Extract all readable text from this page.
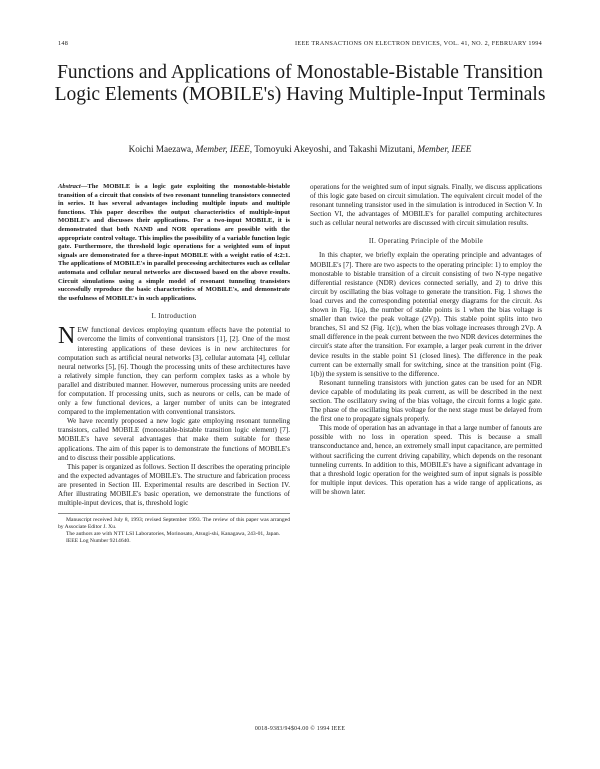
148	IEEE TRANSACTIONS ON ELECTRON DEVICES, VOL. 41, NO. 2, FEBRUARY 1994
Functions and Applications of Monostable-Bistable Transition Logic Elements (MOBILE's) Having Multiple-Input Terminals
Koichi Maezawa, Member, IEEE, Tomoyuki Akeyoshi, and Takashi Mizutani, Member, IEEE
Abstract—The MOBILE is a logic gate exploiting the monostable-bistable transition of a circuit that consists of two resonant tunneling transistors connected in series. It has several advantages including multiple inputs and multiple functions. This paper describes the output characteristics of multiple-input MOBILE's and discusses their applications. For a two-input MOBILE, it is demonstrated that both NAND and NOR operations are possible with the appropriate control voltage. This implies the possibility of a variable function logic gate. Furthermore, the threshold logic operations for a weighted sum of input signals are demonstrated for a three-input MOBILE with a weight ratio of 4:2:1. The applications of MOBILE's in parallel processing architectures such as cellular automata and cellular neural networks are discussed based on the above results. Circuit simulations using a simple model of resonant tunneling transistors successfully reproduce the basic characteristics of MOBILE's, and demonstrate the usefulness of MOBILE's in such applications.
I. Introduction

NEW functional devices employing quantum effects have the potential to overcome the limits of conventional transistors [1], [2]. One of the most interesting applications of these devices is in new architectures for computation such as artificial neural networks [3], cellular automata [4], cellular neural networks [5], [6]. Though the processing units of these architectures have a relatively simple function, they can perform complex tasks as a whole by parallel and distributed manner. However, numerous processing units are needed for computation. If processing units, such as neurons or cells, can be made of only a few functional devices, a larger number of units can be integrated compared to the implementation with conventional transistors.

We have recently proposed a new logic gate employing resonant tunneling transistors, called MOBILE (monostable-bistable transition logic element) [7]. MOBILE's have several advantages that make them suitable for these applications. The aim of this paper is to demonstrate the functions of MOBILE's and to discuss their possible applications.

This paper is organized as follows. Section II describes the operating principle and the expected advantages of MOBILE's. The structure and fabrication process are presented in Section III. Experimental results are described in Section IV. After illustrating MOBILE's basic operation, we demonstrate the functions of multiple-input devices, that is, threshold logic

Manuscript received July 8, 1993; revised September 1993. The review of this paper was arranged by Associate Editor J. Xu.

The authors are with NTT LSI Laboratories, Morinosato, Atsugi-shi, Kanagawa, 243-01, Japan.

IEEE Log Number 9214640.

operations for the weighted sum of input signals. Finally, we discuss applications of this logic gate based on circuit simulation. The equivalent circuit model of the resonant tunneling transistor used in the simulation is introduced in Section V. In Section VI, the advantages of MOBILE's for parallel computing architectures such as cellular neural networks are discussed with circuit simulation results.

II. Operating Principle of the Mobile

In this chapter, we briefly explain the operating principle and advantages of MOBILE's [7]. There are two aspects to the operating principle: 1) to employ the monostable to bistable transition of a circuit consisting of two N-type negative differential resistance (NDR) devices connected serially, and 2) to drive this circuit by oscillating the bias voltage to generate the transition. Fig. 1 shows the load curves and the corresponding potential energy diagrams for the circuit. As shown in Fig. 1(a), the number of stable points is 1 when the bias voltage is smaller than twice the peak voltage (2Vp). This stable point splits into two branches, S1 and S2 (Fig. 1(c)), when the bias voltage increases through 2Vp. A small difference in the peak current between the two NDR devices determines the circuit's state after the transition. For example, a larger peak current in the driver device results in the stable point S1 (closed lines). The difference in the peak current can be externally small for switching, since at the transition point (Fig. 1(b)) the system is sensitive to the difference.

Resonant tunneling transistors with junction gates can be used for an NDR device capable of modulating its peak current, as will be described in the next section. The oscillatory swing of the bias voltage, the circuit forms a logic gate. The phase of the oscillating bias voltage for the next stage must be delayed from the first one to propagate signals properly.

This mode of operation has an advantage in that a large number of fanouts are possible with no loss in operation speed. This is because a small transconductance and, hence, an extremely small input capacitance, are permitted without sacrificing the current driving capability, which depends on the resonant tunneling currents. In addition to this, MOBILE's have a significant advantage in that a threshold logic operation for the weighted sum of input signals is possible for multiple input devices. This operation has a wide range of applications, as will be shown later.

0018-9383/94$04.00 © 1994 IEEE
